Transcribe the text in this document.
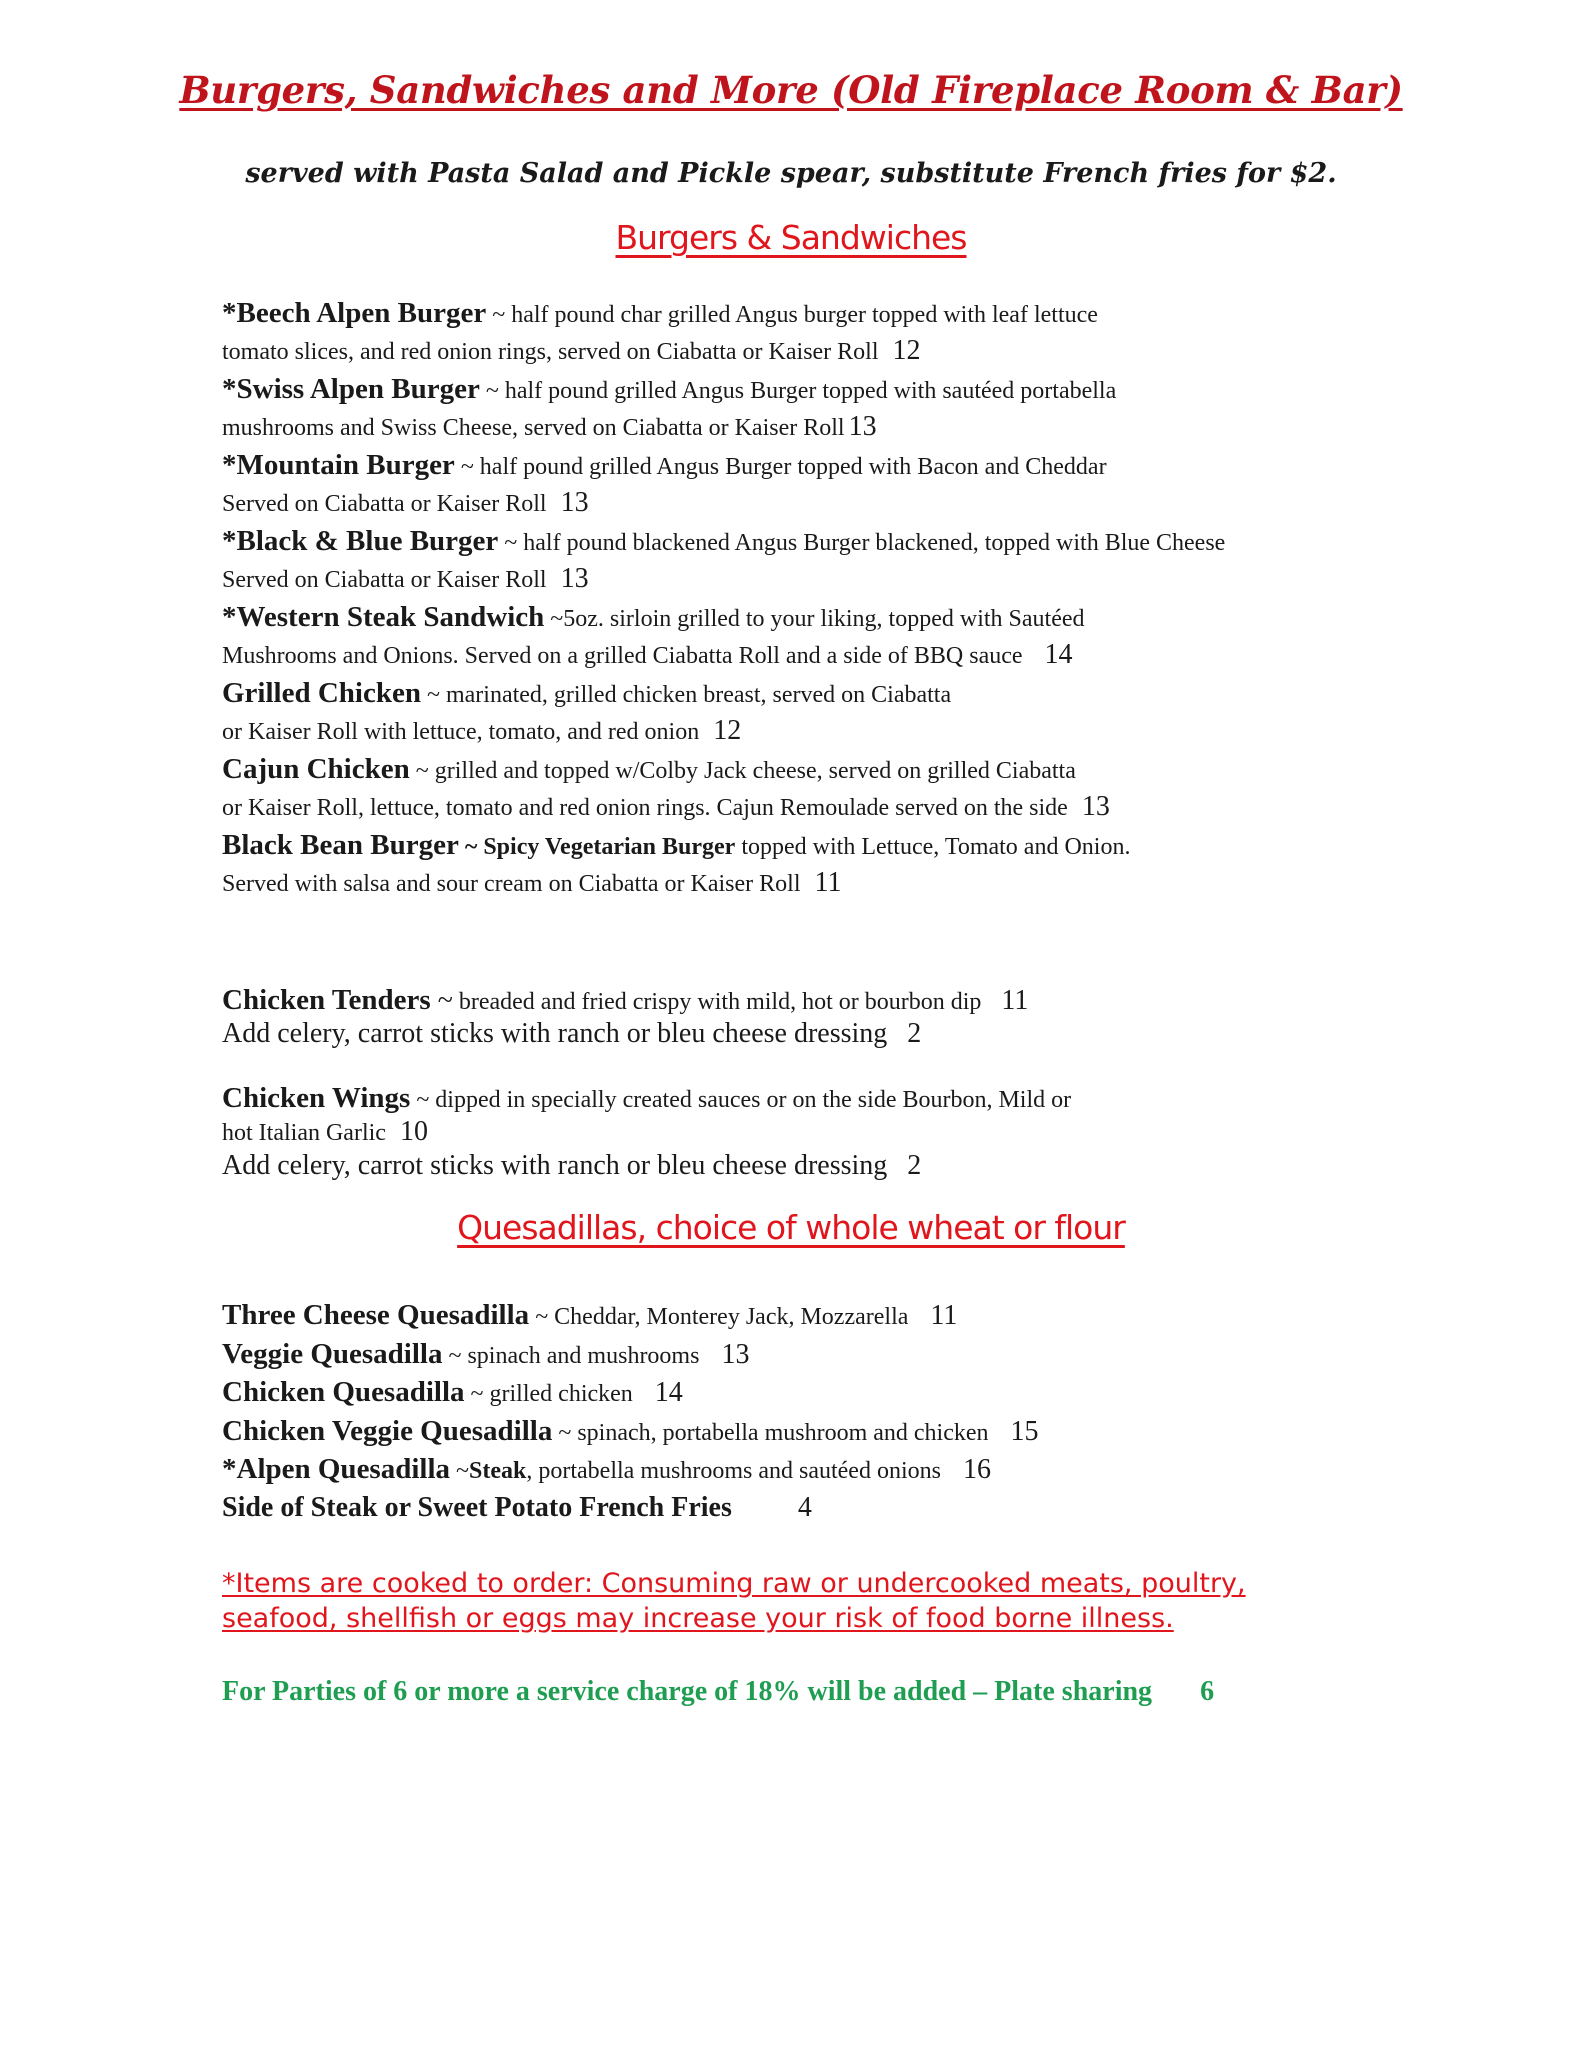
Burgers, Sandwiches and More (Old Fireplace Room & Bar)
served with Pasta Salad and Pickle spear, substitute French fries for $2.
Burgers & Sandwiches
*Beech Alpen Burger ~ half pound char grilled Angus burger topped with leaf lettuce
tomato slices, and red onion rings, served on Ciabatta or Kaiser Roll 12
*Swiss Alpen Burger ~ half pound grilled Angus Burger topped with sautéed portabella
mushrooms and Swiss Cheese, served on Ciabatta or Kaiser Roll 13
*Mountain Burger ~ half pound grilled Angus Burger topped with Bacon and Cheddar
Served on Ciabatta or Kaiser Roll 13
*Black & Blue Burger ~ half pound blackened Angus Burger blackened, topped with Blue Cheese
Served on Ciabatta or Kaiser Roll 13
*Western Steak Sandwich ~5oz. sirloin grilled to your liking, topped with Sautéed
Mushrooms and Onions. Served on a grilled Ciabatta Roll and a side of BBQ sauce 14
Grilled Chicken ~ marinated, grilled chicken breast, served on Ciabatta
or Kaiser Roll with lettuce, tomato, and red onion 12
Cajun Chicken ~ grilled and topped w/Colby Jack cheese, served on grilled Ciabatta
or Kaiser Roll, lettuce, tomato and red onion rings. Cajun Remoulade served on the side 13
Black Bean Burger ~ Spicy Vegetarian Burger topped with Lettuce, Tomato and Onion.
Served with salsa and sour cream on Ciabatta or Kaiser Roll 11
Chicken Tenders ~ breaded and fried crispy with mild, hot or bourbon dip 11
Add celery, carrot sticks with ranch or bleu cheese dressing 2
Chicken Wings ~ dipped in specially created sauces or on the side Bourbon, Mild or
hot Italian Garlic 10
Add celery, carrot sticks with ranch or bleu cheese dressing 2
Quesadillas, choice of whole wheat or flour
Three Cheese Quesadilla ~ Cheddar, Monterey Jack, Mozzarella 11
Veggie Quesadilla ~ spinach and mushrooms 13
Chicken Quesadilla ~ grilled chicken 14
Chicken Veggie Quesadilla ~ spinach, portabella mushroom and chicken 15
*Alpen Quesadilla ~Steak, portabella mushrooms and sautéed onions 16
Side of Steak or Sweet Potato French Fries 4
*Items are cooked to order: Consuming raw or undercooked meats, poultry,
seafood, shellfish or eggs may increase your risk of food borne illness.
For Parties of 6 or more a service charge of 18% will be added – Plate sharing 6
